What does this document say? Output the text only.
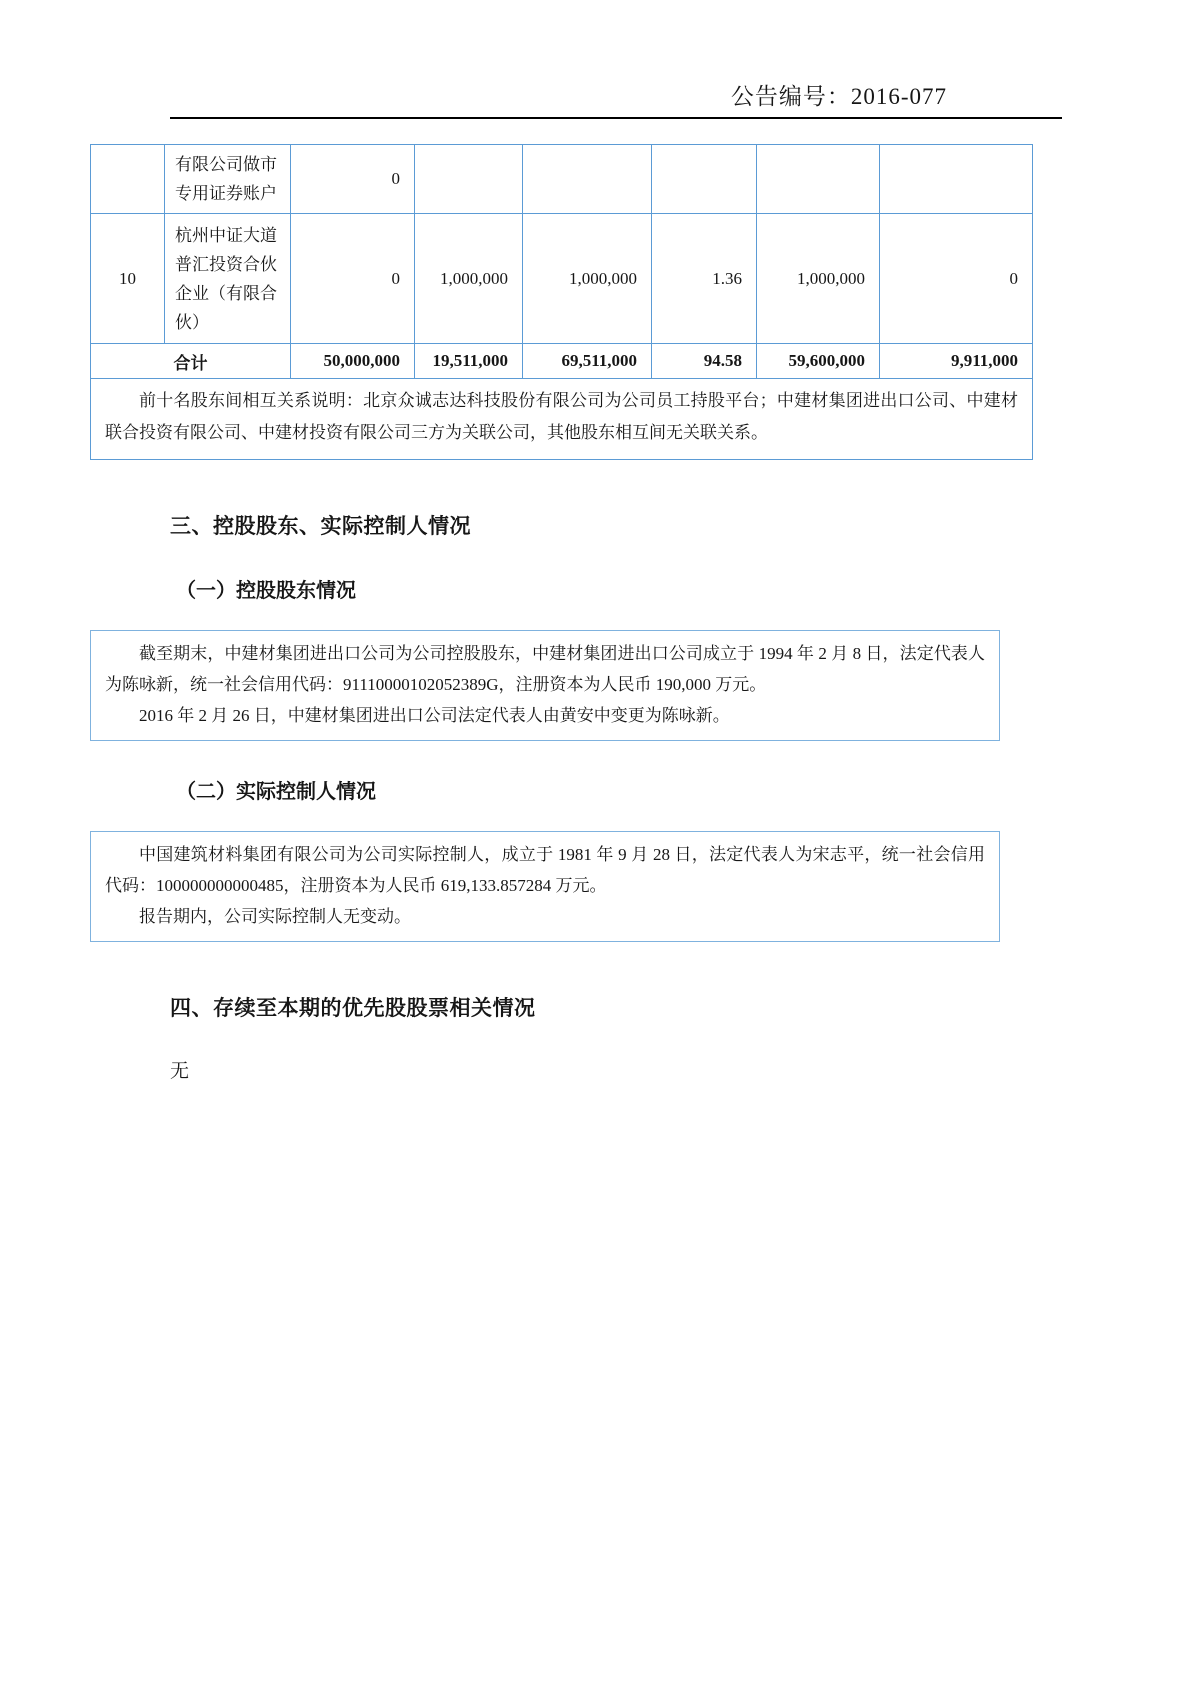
公告编号：2016-077
	有限公司做市专用证券账户	0					
10	杭州中证大道普汇投资合伙企业（有限合伙）	0	1,000,000	1,000,000	1.36	1,000,000	0
合计		50,000,000	19,511,000	69,511,000	94.58	59,600,000	9,911,000

前十名股东间相互关系说明：北京众诚志达科技股份有限公司为公司员工持股平台；中建材集团进出口公司、中建材联合投资有限公司、中建材投资有限公司三方为关联公司，其他股东相互间无关联关系。							

三、控股股东、实际控制人情况
（一）控股股东情况

截至期末，中建材集团进出口公司为公司控股股东，中建材集团进出口公司成立于 1994 年 2 月 8 日，法定代表人为陈咏新，统一社会信用代码：91110000102052389G，注册资本为人民币 190,000 万元。

2016 年 2 月 26 日，中建材集团进出口公司法定代表人由黄安中变更为陈咏新。

（二）实际控制人情况

中国建筑材料集团有限公司为公司实际控制人，成立于 1981 年 9 月 28 日，法定代表人为宋志平，统一社会信用代码：100000000000485，注册资本为人民币 619,133.857284 万元。

报告期内，公司实际控制人无变动。

四、存续至本期的优先股股票相关情况

无
